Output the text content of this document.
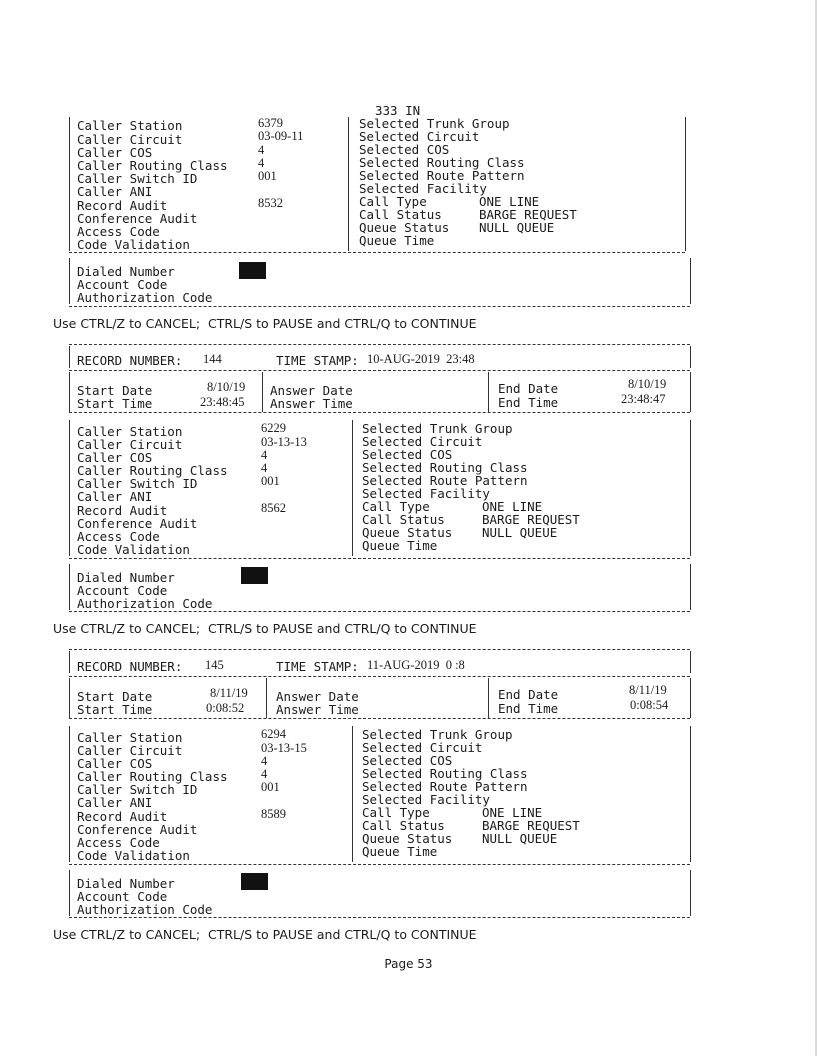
333 IN
Caller Station	6379	Selected Trunk Group
Caller Circuit	03-09-11	Selected Circuit
Caller COS	4	Selected COS
Caller Routing Class 4	Selected Routing Class
Caller Switch ID	001	Selected Route Pattern
Caller ANI	Selected Facility
Record Audit	8532	Call Type	ONE LINE
Conference Audit	Call Status	BARGE REQUEST
Access Code	Queue Status NULL QUEUE
Code Validation	Queue Time
Dialed Number
Account Code
Authorization Code
Use CTRL/Z to CANCEL;  CTRL/S to PAUSE and CTRL/Q to CONTINUE
RECORD NUMBER: 144	TIME STAMP: 10-AUG-2019  23:48
Start Date	8/10/19 Answer Date	End Date	8/10/19
Start Time	23:48:45 Answer Time	End Time	23:48:47
Caller Station	6229	Selected Trunk Group
Caller Circuit	03-13-13	Selected Circuit
Caller COS	4	Selected COS
Caller Routing Class	4	Selected Routing Class
Caller Switch ID	001	Selected Route Pattern
Caller ANI	Selected Facility
Record Audit	8562	Call Type	ONE LINE
Conference Audit	Call Status	BARGE REQUEST
Access Code	Queue Status NULL QUEUE
Code Validation	Queue Time
Dialed Number
Account Code
Authorization Code
Use CTRL/Z to CANCEL;  CTRL/S to PAUSE and CTRL/Q to CONTINUE
RECORD NUMBER: 145	TIME STAMP: 11-AUG-2019  0 :8
Start Date	8/11/19 Answer Date	End Date	8/11/19
Start Time	0:08:52	Answer Time	End Time	0:08:54
Caller Station	6294	Selected Trunk Group
Caller Circuit	03-13-15	Selected Circuit
Caller COS	4	Selected COS
Caller Routing Class	4	Selected Routing Class
Caller Switch ID	001	Selected Route Pattern
Caller ANI	Selected Facility
Record Audit	8589	Call Type	ONE LINE
Conference Audit	Call Status	BARGE REQUEST
Access Code	Queue Status NULL QUEUE
Code Validation	Queue Time
Dialed Number
Account Code
Authorization Code
Use CTRL/Z to CANCEL;  CTRL/S to PAUSE and CTRL/Q to CONTINUE
Page 53
